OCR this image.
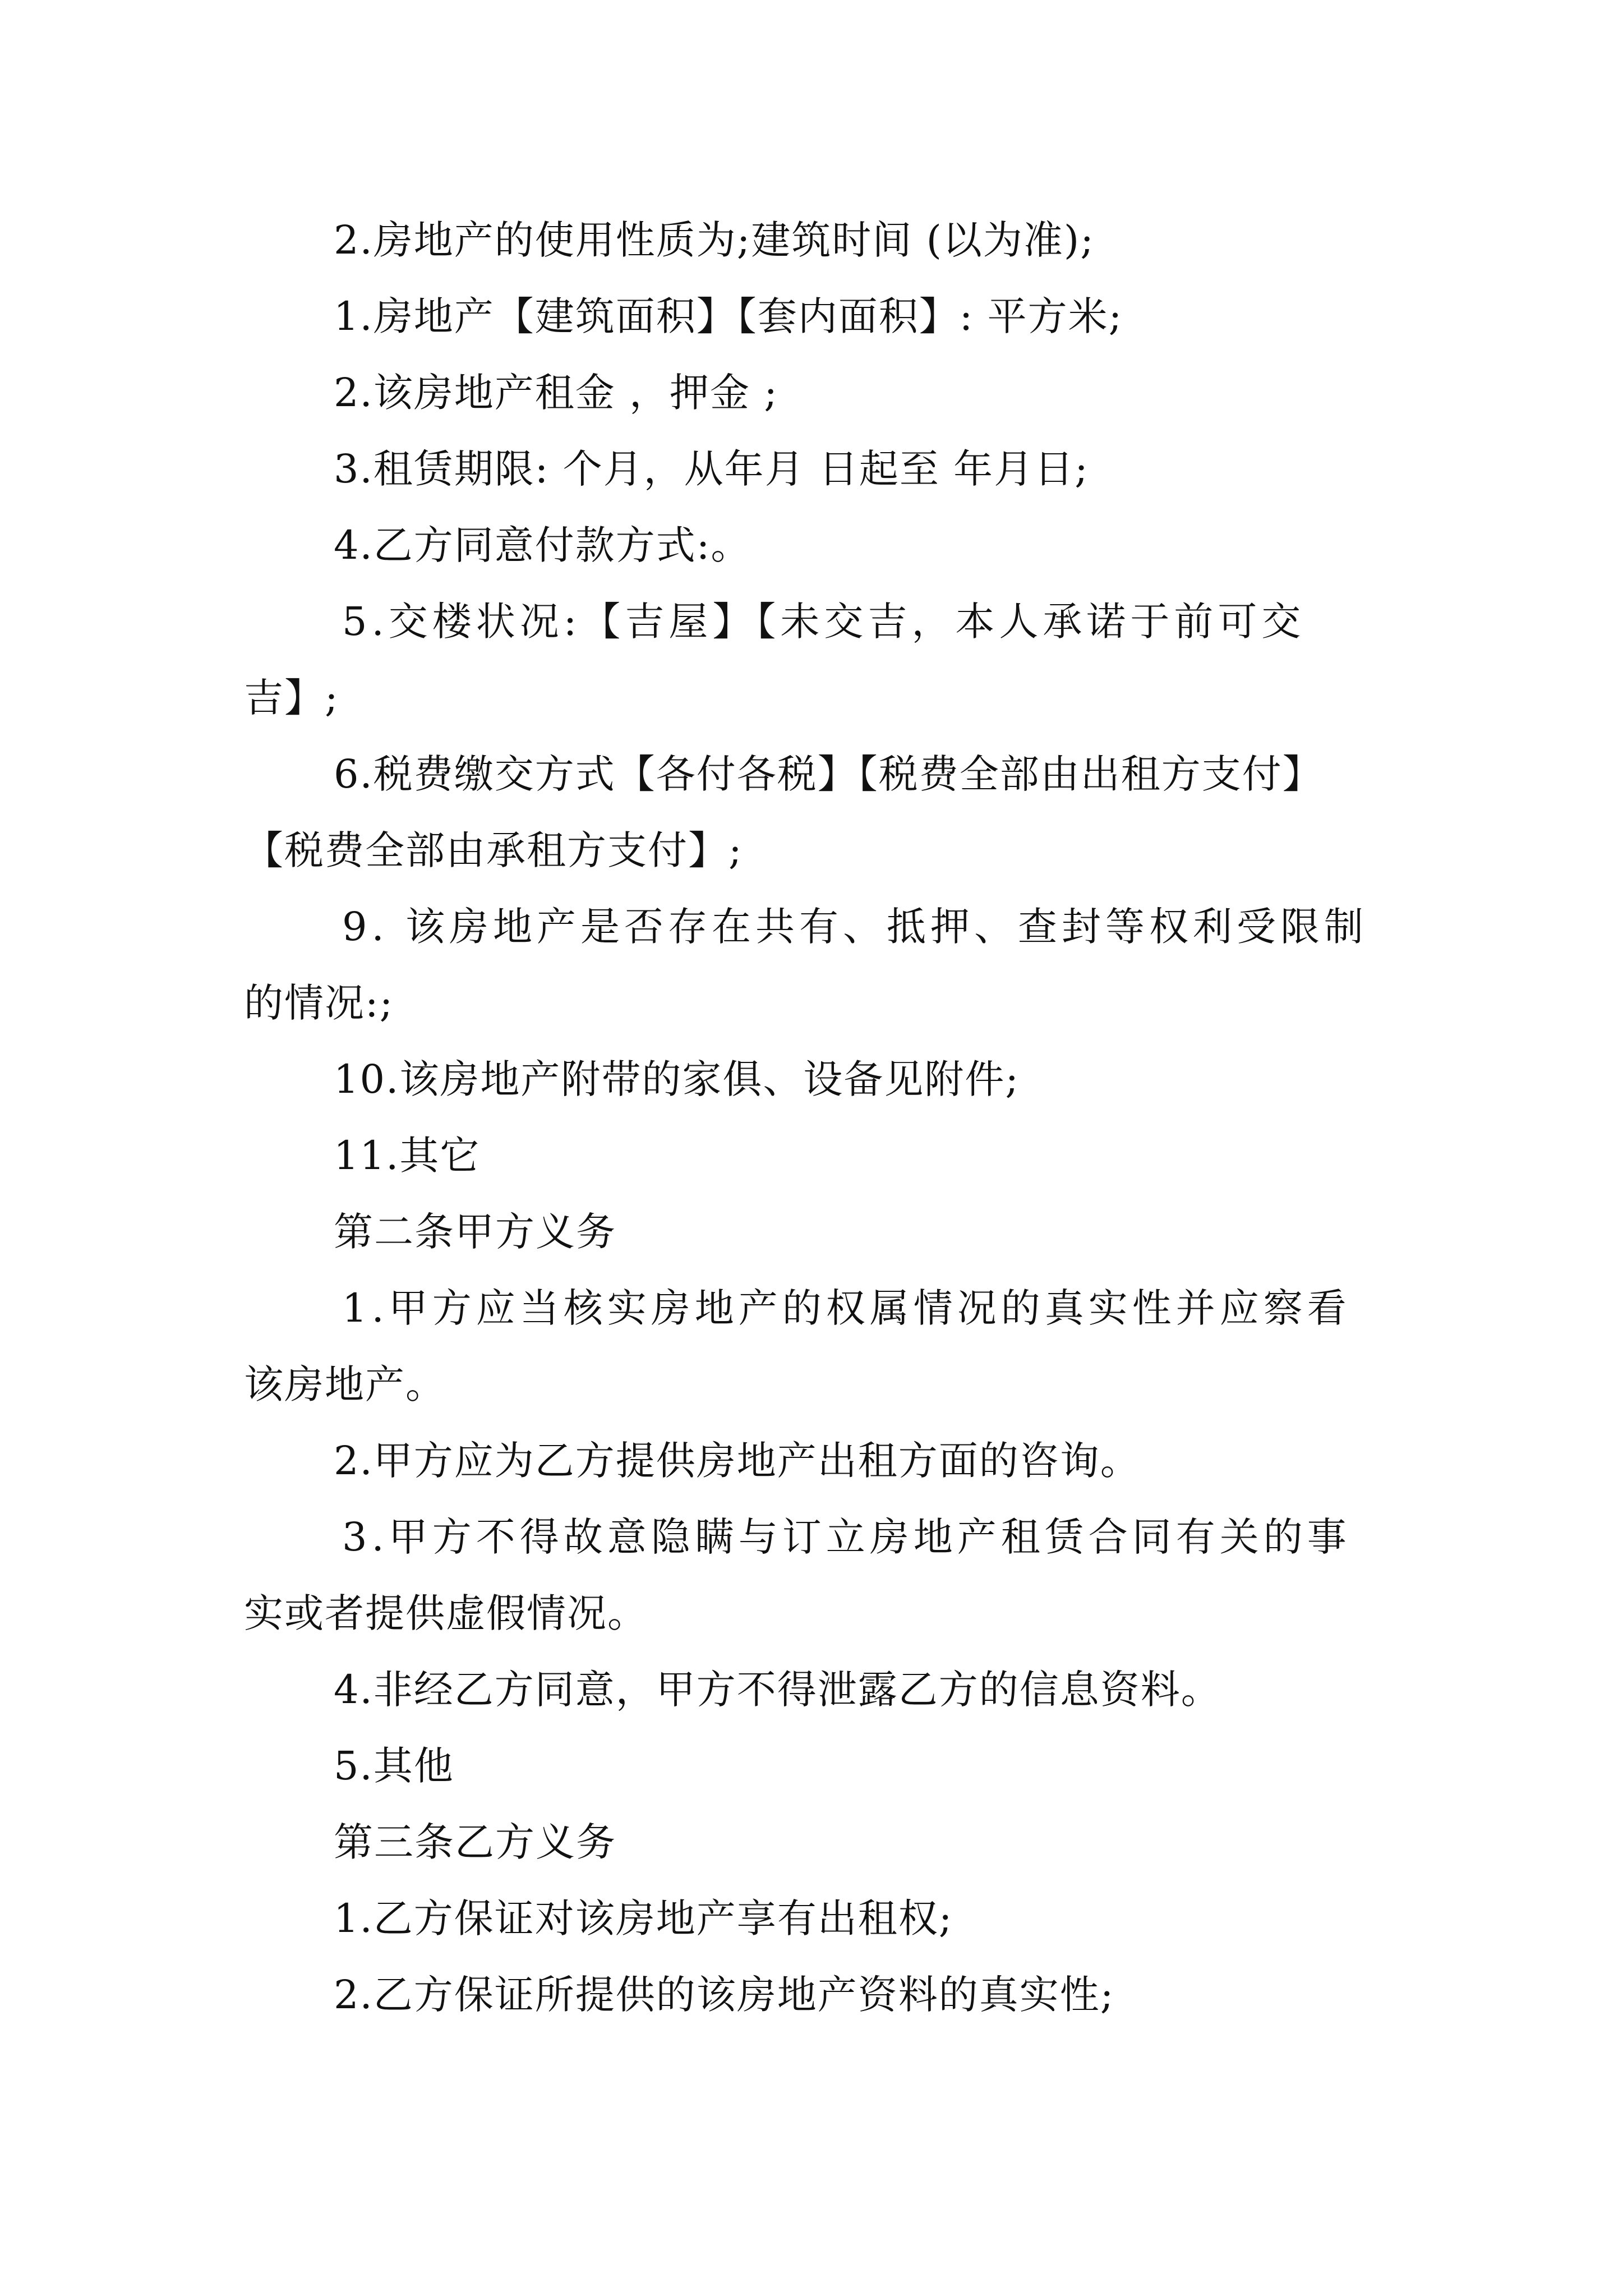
2.房地产的使用性质为;建筑时间 (以为准);
1.房地产【建筑面积】【套内面积】: 平方米;
2.该房地产租金 ，押金 ;
3.租赁期限: 个月，从年月 日起至 年月日;
4.乙方同意付款方式:。
5.交楼状况:【吉屋】【未交吉，本人承诺于前可交
吉】;
6.税费缴交方式【各付各税】【税费全部由出租方支付】
【税费全部由承租方支付】;
9. 该房地产是否存在共有、抵押、查封等权利受限制
的情况:;
10.该房地产附带的家俱、设备见附件;
11.其它
第二条甲方义务
1.甲方应当核实房地产的权属情况的真实性并应察看
该房地产。
2.甲方应为乙方提供房地产出租方面的咨询。
3.甲方不得故意隐瞒与订立房地产租赁合同有关的事
实或者提供虚假情况。
4.非经乙方同意，甲方不得泄露乙方的信息资料。
5.其他
第三条乙方义务
1.乙方保证对该房地产享有出租权;
2.乙方保证所提供的该房地产资料的真实性;
